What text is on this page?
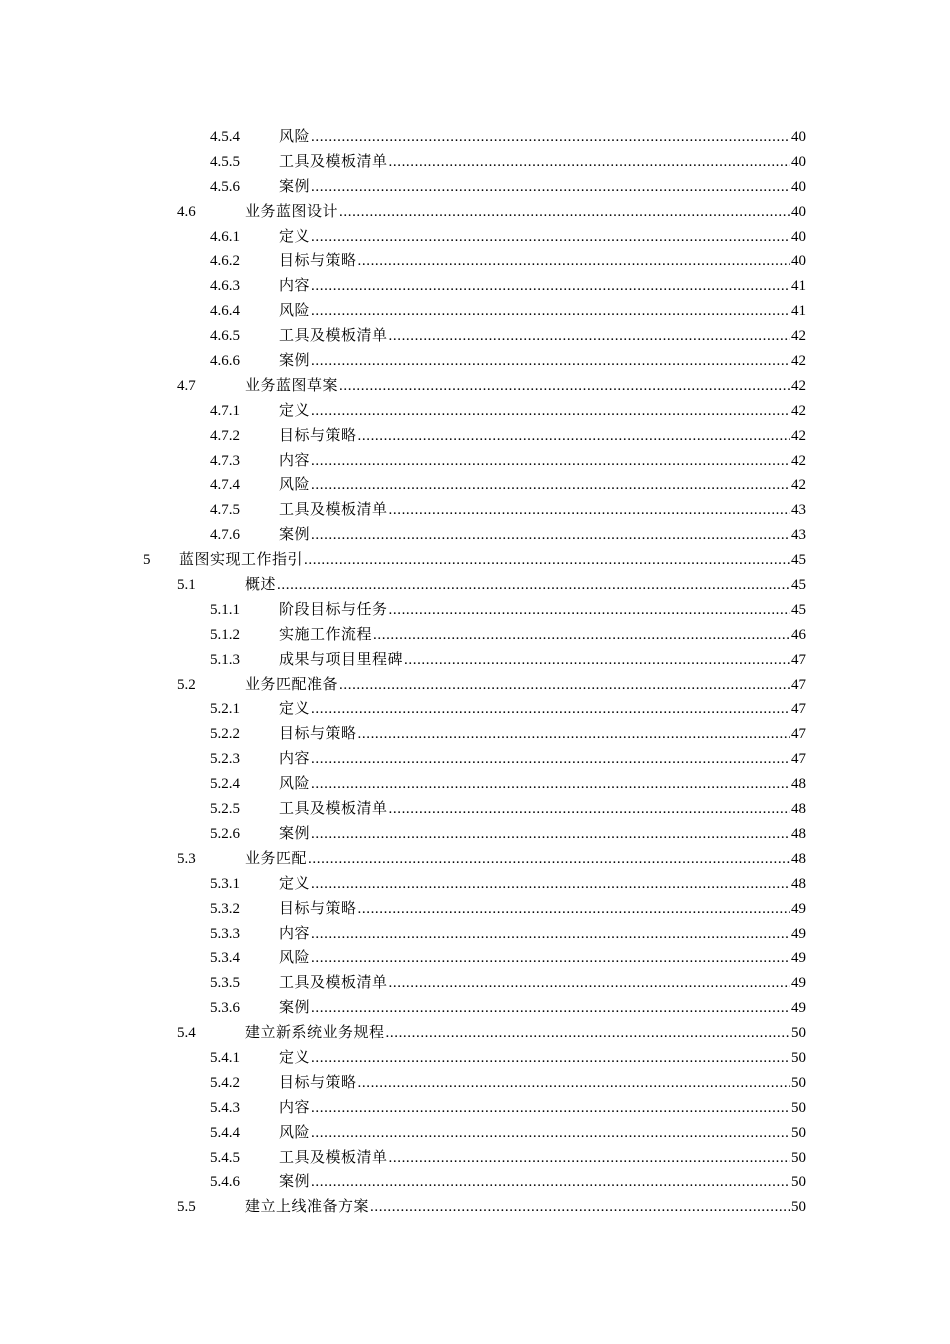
4.5.4	风险 .....	40
4.5.5	工具及模板清单 .....	40
4.5.6	案例 .....	40
4.6	业务蓝图设计 .....	40
4.6.1	定义 .....	40
4.6.2	目标与策略 .....	40
4.6.3	内容 .....	41
4.6.4	风险 .....	41
4.6.5	工具及模板清单 .....	42
4.6.6	案例 .....	42
4.7	业务蓝图草案 .....	42
4.7.1	定义 .....	42
4.7.2	目标与策略 .....	42
4.7.3	内容 .....	42
4.7.4	风险 .....	42
4.7.5	工具及模板清单 .....	43
4.7.6	案例 .....	43
5 蓝图实现工作指引 .....	45
5.1	概述 .....	45
5.1.1	阶段目标与任务 .....	45
5.1.2	实施工作流程 .....	46
5.1.3	成果与项目里程碑 .....	47
5.2	业务匹配准备 .....	47
5.2.1	定义 .....	47
5.2.2	目标与策略 .....	47
5.2.3	内容 .....	47
5.2.4	风险 .....	48
5.2.5	工具及模板清单 .....	48
5.2.6	案例 .....	48
5.3	业务匹配 .....	48
5.3.1	定义 .....	48
5.3.2	目标与策略 .....	49
5.3.3	内容 .....	49
5.3.4	风险 .....	49
5.3.5	工具及模板清单 .....	49
5.3.6	案例 .....	49
5.4	建立新系统业务规程 .....	50
5.4.1	定义 .....	50
5.4.2	目标与策略 .....	50
5.4.3	内容 .....	50
5.4.4	风险 .....	50
5.4.5	工具及模板清单 .....	50
5.4.6	案例 .....	50
5.5	建立上线准备方案 .....	50
